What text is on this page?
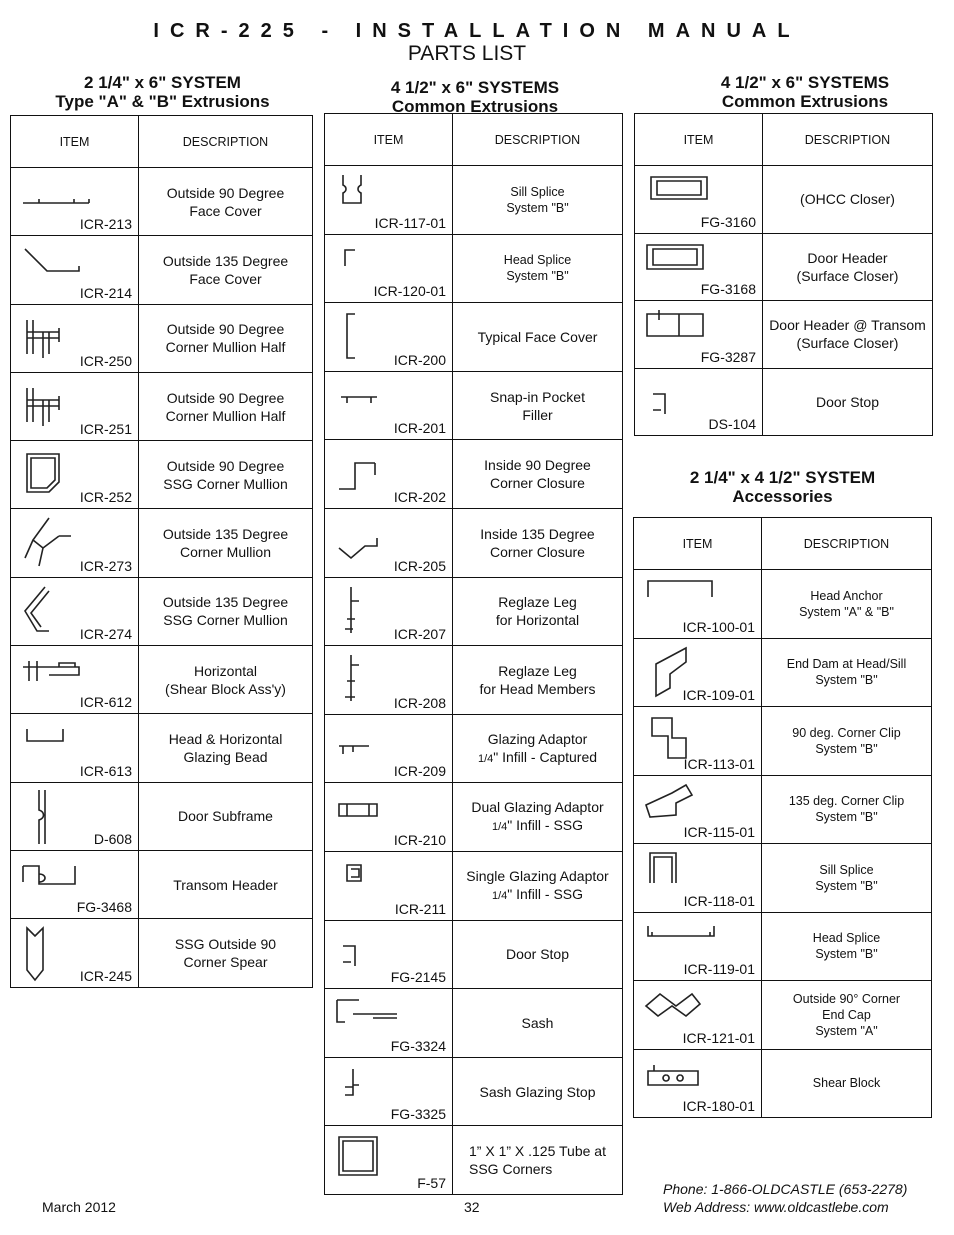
ICR-225 - INSTALLATION MANUAL
PARTS LIST
2 1/4" x 6" SYSTEM
Type "A" & "B" Extrusions
4 1/2" x 6" SYSTEMS
Common Extrusions
4 1/2" x 6" SYSTEMS
Common Extrusions
2 1/4" x 4 1/2" SYSTEM
Accessories
ITEM	DESCRIPTION

ICR-213	Outside 90 Degree
Face Cover

ICR-214	Outside 135 Degree
Face Cover

ICR-250	Outside 90 Degree
Corner Mullion Half

ICR-251	Outside 90 Degree
Corner Mullion Half

ICR-252	Outside 90 Degree
SSG Corner Mullion

ICR-273	Outside 135 Degree
Corner Mullion

ICR-274	Outside 135 Degree
SSG Corner Mullion

ICR-612	Horizontal
(Shear Block Ass'y)

ICR-613	Head & Horizontal
Glazing Bead

D-608	Door Subframe

FG-3468	Transom Header

ICR-245	SSG Outside 90
Corner Spear
ITEM	DESCRIPTION

ICR-117-01	Sill Splice
System "B"

ICR-120-01	Head Splice
System "B"

ICR-200	Typical Face Cover

ICR-201	Snap-in Pocket
Filler

ICR-202	Inside 90 Degree
Corner Closure

ICR-205	Inside 135 Degree
Corner Closure

ICR-207	Reglaze Leg
for Horizontal

ICR-208	Reglaze Leg
for Head Members

ICR-209	Glazing Adaptor
1/4" Infill - Captured

ICR-210	Dual Glazing Adaptor
1/4" Infill - SSG

ICR-211	Single Glazing Adaptor
1/4" Infill - SSG

FG-2145	Door Stop

FG-3324	Sash

FG-3325	Sash Glazing Stop

F-57	1” X 1” X .125 Tube at
SSG Corners
ITEM	DESCRIPTION

FG-3160	(OHCC Closer)

FG-3168	Door Header
(Surface Closer)

FG-3287	Door Header @ Transom
(Surface Closer)

DS-104	Door Stop
ITEM	DESCRIPTION

ICR-100-01	Head Anchor
System "A" & "B"

ICR-109-01	End Dam at Head/Sill
System "B"

ICR-113-01	90 deg. Corner Clip
System "B"

ICR-115-01	135 deg. Corner Clip
System "B"

ICR-118-01	Sill Splice
System "B"

ICR-119-01	Head Splice
System "B"

ICR-121-01	Outside 90° Corner
End Cap
System "A"

ICR-180-01	Shear Block
March 2012	32
Phone: 1-866-OLDCASTLE (653-2278)
Web Address: www.oldcastlebe.com
